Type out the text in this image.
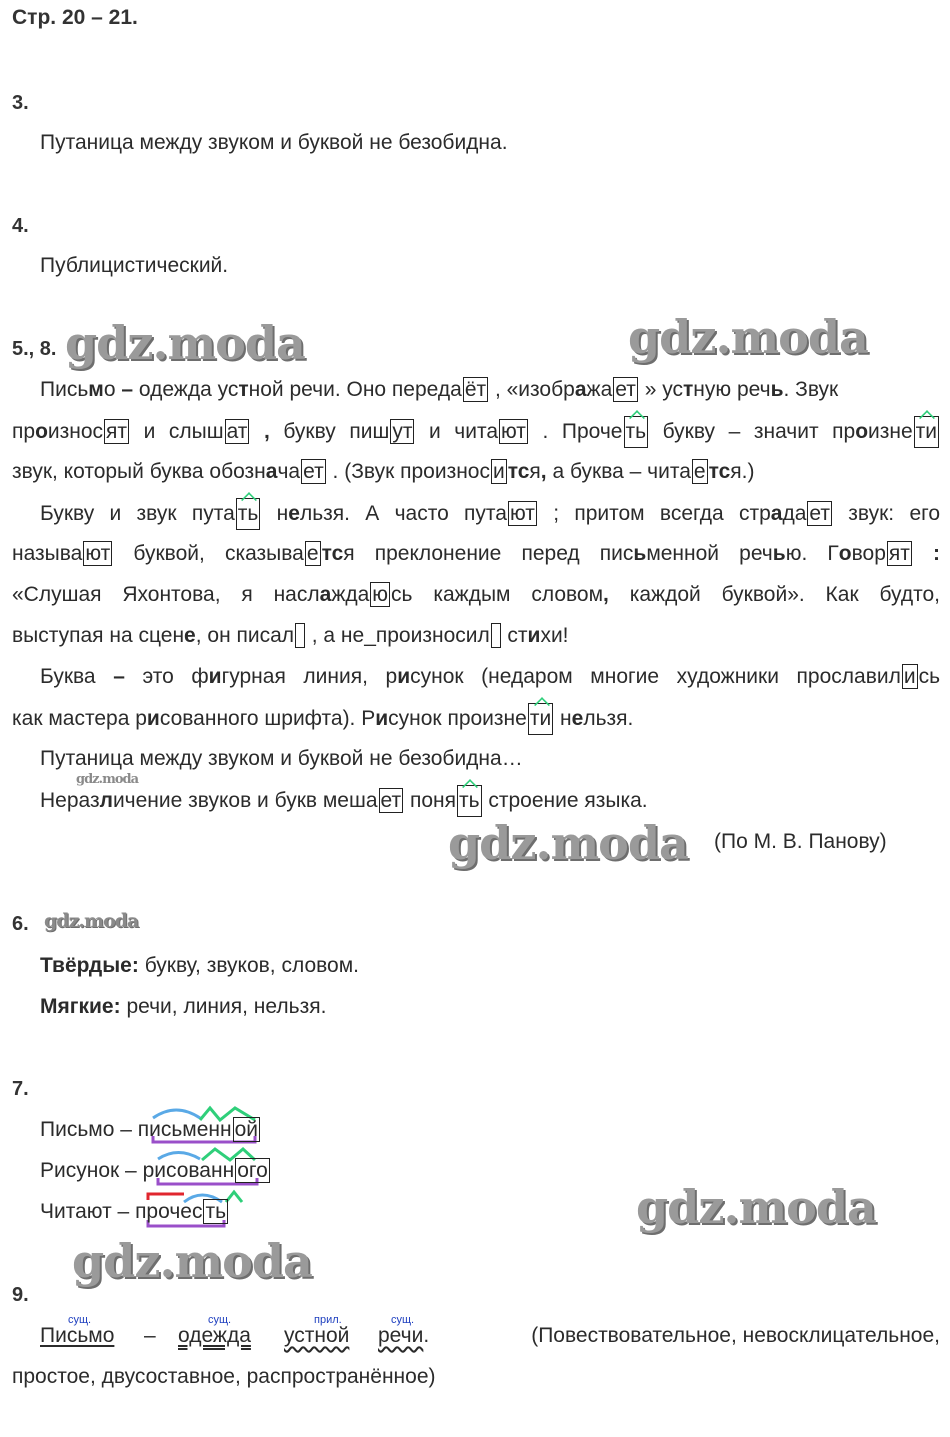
Стр. 20 – 21.
3.
Путаница между звуком и буквой не безобидна.
4.
Публицистический.
5., 8. gdz.moda	gdz.moda
Письмо – одежда устной речи. Оно переда ёт , «изобража ет » устную речь. Звук
произнос ят и слыш ат , букву пиш ут и чита ют . Проче ть букву – значит произне ти
звук, который буква обознача ет . (Звук произнос и тся, а буква – чита е тся.)
Букву и звук пута ть нельзя. А часто пута ют ; притом всегда страда ет звук: его
называ ют буквой, сказыва е тся преклонение перед письменной речью. Говор ят :
«Слушая Яхонтова, я наслажда ю сь каждым словом, каждой буквой». Как будто,
выступая на сцене, он писал  , а не_произносил  стихи!
Буква – это фигурная линия, рисунок (недаром многие художники прославил и сь
как мастера рисованного шрифта). Рисунок произне ти нельзя.
Путаница между звуком и буквой не безобидна…
Неразличение звуков и букв меша ет поня ть строение языка.
gdz.moda
gdz.moda (По М. В. Панову)
6. gdz.moda
Твёрдые: букву, звуков, словом.
Мягкие: речи, линия, нельзя.
7.
Письмо – письменн ой
Рисунок – рисованн ого
Читают – прочес ть	gdz.moda
gdz.moda
9.
сущ.	сущ.	прил.	сущ.
Письмо – одежда устной речи.	(Повествовательное, невосклицательное,
простое, двусоставное, распространённое)
